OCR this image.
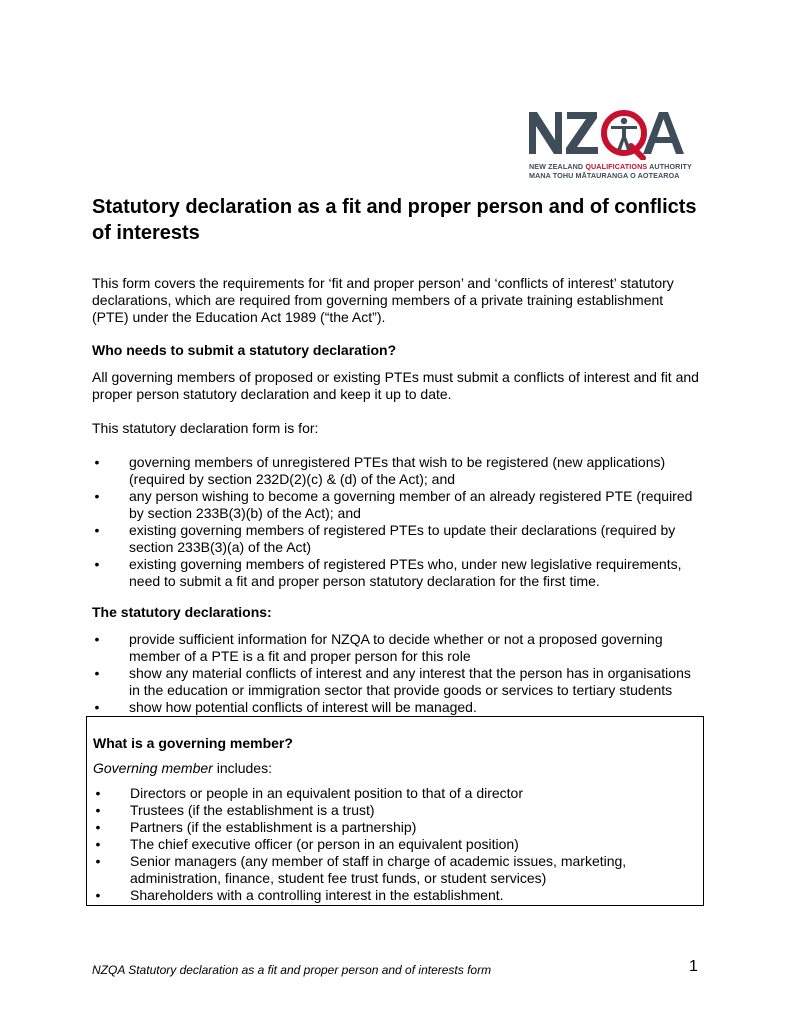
NEW ZEALAND QUALIFICATIONS AUTHORITY
MANA TOHU MĀTAURANGA O AOTEAROA
Statutory declaration as a fit and proper person and of conflicts of interests

This form covers the requirements for ‘fit and proper person’ and ‘conflicts of interest’ statutory declarations, which are required from governing members of a private training establishment (PTE) under the Education Act 1989 (“the Act”).

Who needs to submit a statutory declaration?

All governing members of proposed or existing PTEs must submit a conflicts of interest and fit and proper person statutory declaration and keep it up to date.

This statutory declaration form is for:

• governing members of unregistered PTEs that wish to be registered (new applications) (required by section 232D(2)(c) & (d) of the Act); and
• any person wishing to become a governing member of an already registered PTE (required by section 233B(3)(b) of the Act); and
• existing governing members of registered PTEs to update their declarations (required by section 233B(3)(a) of the Act)
• existing governing members of registered PTEs who, under new legislative requirements, need to submit a fit and proper person statutory declaration for the first time.
The statutory declarations:
• provide sufficient information for NZQA to decide whether or not a proposed governing member of a PTE is a fit and proper person for this role
• show any material conflicts of interest and any interest that the person has in organisations in the education or immigration sector that provide goods or services to tertiary students
• show how potential conflicts of interest will be managed.
What is a governing member?

Governing member includes:

• Directors or people in an equivalent position to that of a director
• Trustees (if the establishment is a trust)
• Partners (if the establishment is a partnership)
• The chief executive officer (or person in an equivalent position)
• Senior managers (any member of staff in charge of academic issues, marketing, administration, finance, student fee trust funds, or student services)
• Shareholders with a controlling interest in the establishment.
NZQA Statutory declaration as a fit and proper person and of interests form	1
